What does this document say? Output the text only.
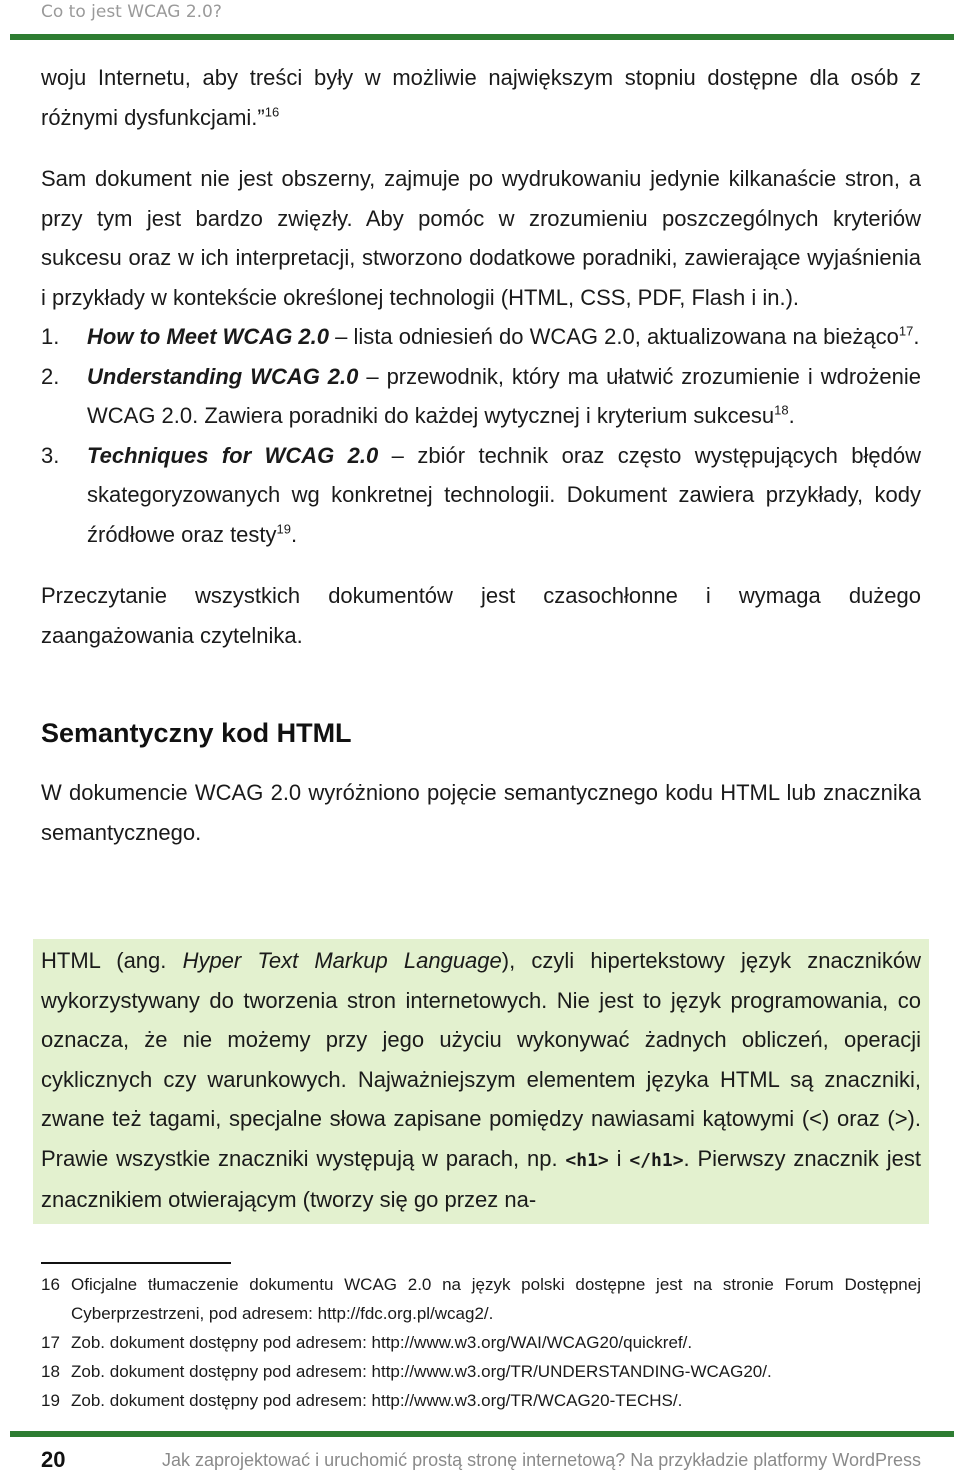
Co to jest WCAG 2.0?

woju Internetu, aby treści były w możliwie największym stopniu dostępne dla osób z różnymi dysfunkcjami.”$^{16}$

Sam dokument nie jest obszerny, zajmuje po wydrukowaniu jedynie kilkanaście stron, a przy tym jest bardzo zwięzły. Aby pomóc w zrozumieniu poszczególnych kryteriów sukcesu oraz w ich interpretacji, stworzono dodatkowe poradniki, zawierające wyjaśnienia i przykłady w kontekście określonej technologii (HTML, CSS, PDF, Flash i in.).

1.	How to Meet WCAG 2.0 – lista odniesień do WCAG 2.0, aktualizowana na bieżąco$^{17}$.
2.	Understanding WCAG 2.0 – przewodnik, który ma ułatwić zrozumienie i wdrożenie WCAG 2.0. Zawiera poradniki do każdej wytycznej i kryterium sukcesu$^{18}$.
3.	Techniques for WCAG 2.0 – zbiór technik oraz często występujących błędów skategoryzowanych wg konkretnej technologii. Dokument zawiera przykłady, kody źródłowe oraz testy$^{19}$.

Przeczytanie wszystkich dokumentów jest czasochłonne i wymaga dużego zaangażowania czytelnika.

Semantyczny kod HTML

W dokumencie WCAG 2.0 wyróżniono pojęcie semantycznego kodu HTML lub znacznika semantycznego.

HTML (ang. Hyper Text Markup Language), czyli hipertekstowy język znaczników wykorzystywany do tworzenia stron internetowych. Nie jest to język programowania, co oznacza, że nie możemy przy jego użyciu wykonywać żadnych obliczeń, operacji cyklicznych czy warunkowych. Najważniejszym elementem języka HTML są znaczniki, zwane też tagami, specjalne słowa zapisane pomiędzy nawiasami kątowymi (<) oraz (>). Prawie wszystkie znaczniki występują w parach, np. <h1> i </h1>. Pierwszy znacznik jest znacznikiem otwierającym (tworzy się go przez na-
16 Oficjalne tłumaczenie dokumentu WCAG 2.0 na język polski dostępne jest na stronie Forum Dostępnej Cyberprzestrzeni, pod adresem: http://fdc.org.pl/wcag2/.
17 Zob. dokument dostępny pod adresem: http://www.w3.org/WAI/WCAG20/quickref/.
18 Zob. dokument dostępny pod adresem: http://www.w3.org/TR/UNDERSTANDING-WCAG20/.
19 Zob. dokument dostępny pod adresem: http://www.w3.org/TR/WCAG20-TECHS/.
20	Jak zaprojektować i uruchomić prostą stronę internetową? Na przykładzie platformy WordPress
